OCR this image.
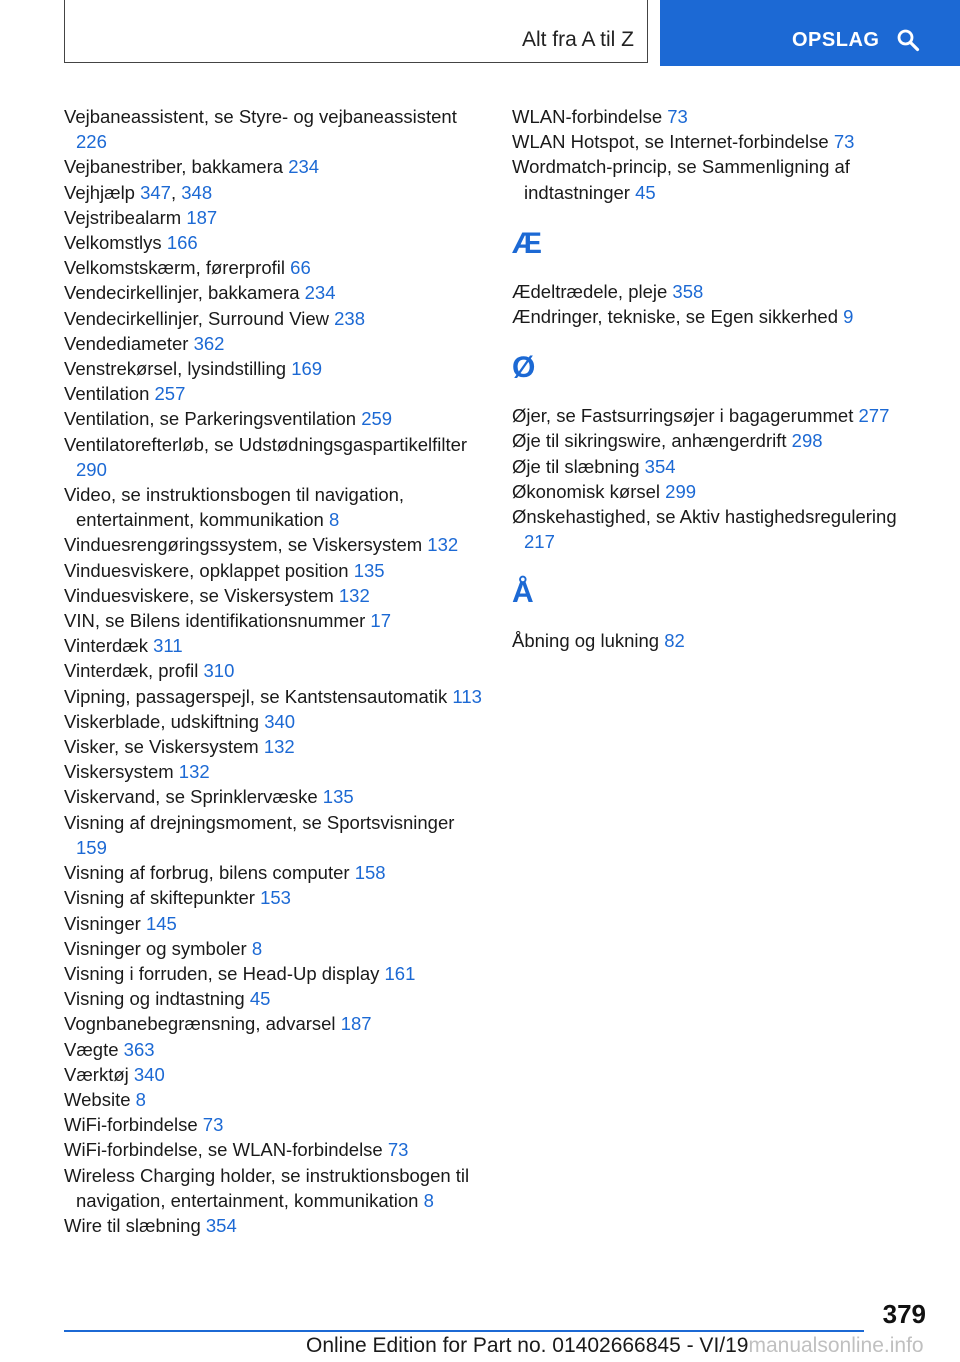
Alt fra A til Z	OPSLAG
Vejbaneassistent, se Styre- og vejbaneassistent 226
Vejbanestriber, bakkamera 234
Vejhjælp 347, 348
Vejstribealarm 187
Velkomstlys 166
Velkomstskærm, førerprofil 66
Vendecirkellinjer, bakkamera 234
Vendecirkellinjer, Surround View 238
Vendediameter 362
Venstrekørsel, lysindstilling 169
Ventilation 257
Ventilation, se Parkeringsventilation 259
Ventilatorefterløb, se Udstødningsgaspartikelfilter 290
Video, se instruktionsbogen til navigation, entertainment, kommunikation 8
Vinduesrengøringssystem, se Viskersystem 132
Vinduesviskere, opklappet position 135
Vinduesviskere, se Viskersystem 132
VIN, se Bilens identifikationsnummer 17
Vinterdæk 311
Vinterdæk, profil 310
Vipning, passagerspejl, se Kantstensautomatik 113
Viskerblade, udskiftning 340
Visker, se Viskersystem 132
Viskersystem 132
Viskervand, se Sprinklervæske 135
Visning af drejningsmoment, se Sportsvisninger 159
Visning af forbrug, bilens computer 158
Visning af skiftepunkter 153
Visninger 145
Visninger og symboler 8
Visning i forruden, se Head-Up display 161
Visning og indtastning 45
Vognbanebegrænsning, advarsel 187
Vægte 363
Værktøj 340
Website 8
WiFi-forbindelse 73
WiFi-forbindelse, se WLAN-forbindelse 73
Wireless Charging holder, se instruktionsbogen til navigation, entertainment, kommunikation 8
Wire til slæbning 354
WLAN-forbindelse 73
WLAN Hotspot, se Internet-forbindelse 73
Wordmatch-princip, se Sammenligning af indtastninger 45
Æ
Ædeltrædele, pleje 358
Ændringer, tekniske, se Egen sikkerhed 9
Ø
Øjer, se Fastsurringsøjer i bagagerummet 277
Øje til sikringswire, anhængerdrift 298
Øje til slæbning 354
Økonomisk kørsel 299
Ønskehastighed, se Aktiv hastighedsregulering 217
Å
Åbning og lukning 82
379
Online Edition for Part no. 01402666845 - VI/19manualsonline.info
